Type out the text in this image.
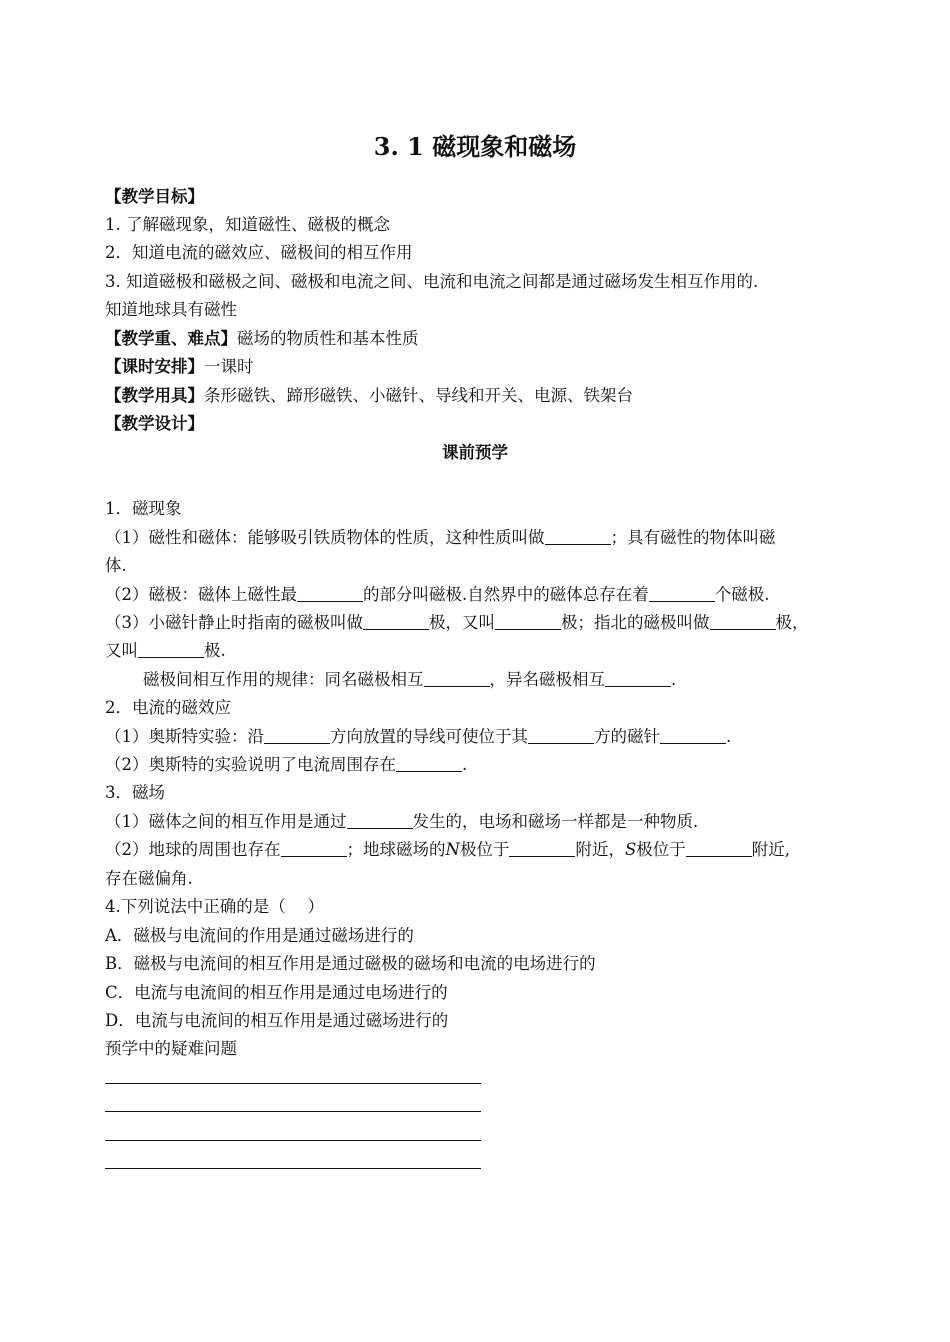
3. 1 磁现象和磁场
【教学目标】
1. 了解磁现象，知道磁性、磁极的概念
2．知道电流的磁效应、磁极间的相互作用
3. 知道磁极和磁极之间、磁极和电流之间、电流和电流之间都是通过磁场发生相互作用的.
知道地球具有磁性
【教学重、难点】磁场的物质性和基本性质
【课时安排】一课时
【教学用具】条形磁铁、蹄形磁铁、小磁针、导线和开关、电源、铁架台
【教学设计】
课前预学
1．磁现象
（1）磁性和磁体：能够吸引铁质物体的性质，这种性质叫做	；具有磁性的物体叫磁
体.
（2）磁极：磁体上磁性最	的部分叫磁极.自然界中的磁体总存在着	个磁极.
（3）小磁针静止时指南的磁极叫做	极，又叫	极；指北的磁极叫做	极，
又叫	极.
磁极间相互作用的规律：同名磁极相互	，异名磁极相互	.
2．电流的磁效应
（1）奥斯特实验：沿	方向放置的导线可使位于其	方的磁针	.
（2）奥斯特的实验说明了电流周围存在	.
3．磁场
（1）磁体之间的相互作用是通过	发生的，电场和磁场一样都是一种物质.
（2）地球的周围也存在	；地球磁场的N极位于	附近，S极位于	附近,
存在磁偏角.
4.下列说法中正确的是（　 ）
A．磁极与电流间的作用是通过磁场进行的
B．磁极与电流间的相互作用是通过磁极的磁场和电流的电场进行的
C．电流与电流间的相互作用是通过电场进行的
D．电流与电流间的相互作用是通过磁场进行的
预学中的疑难问题
